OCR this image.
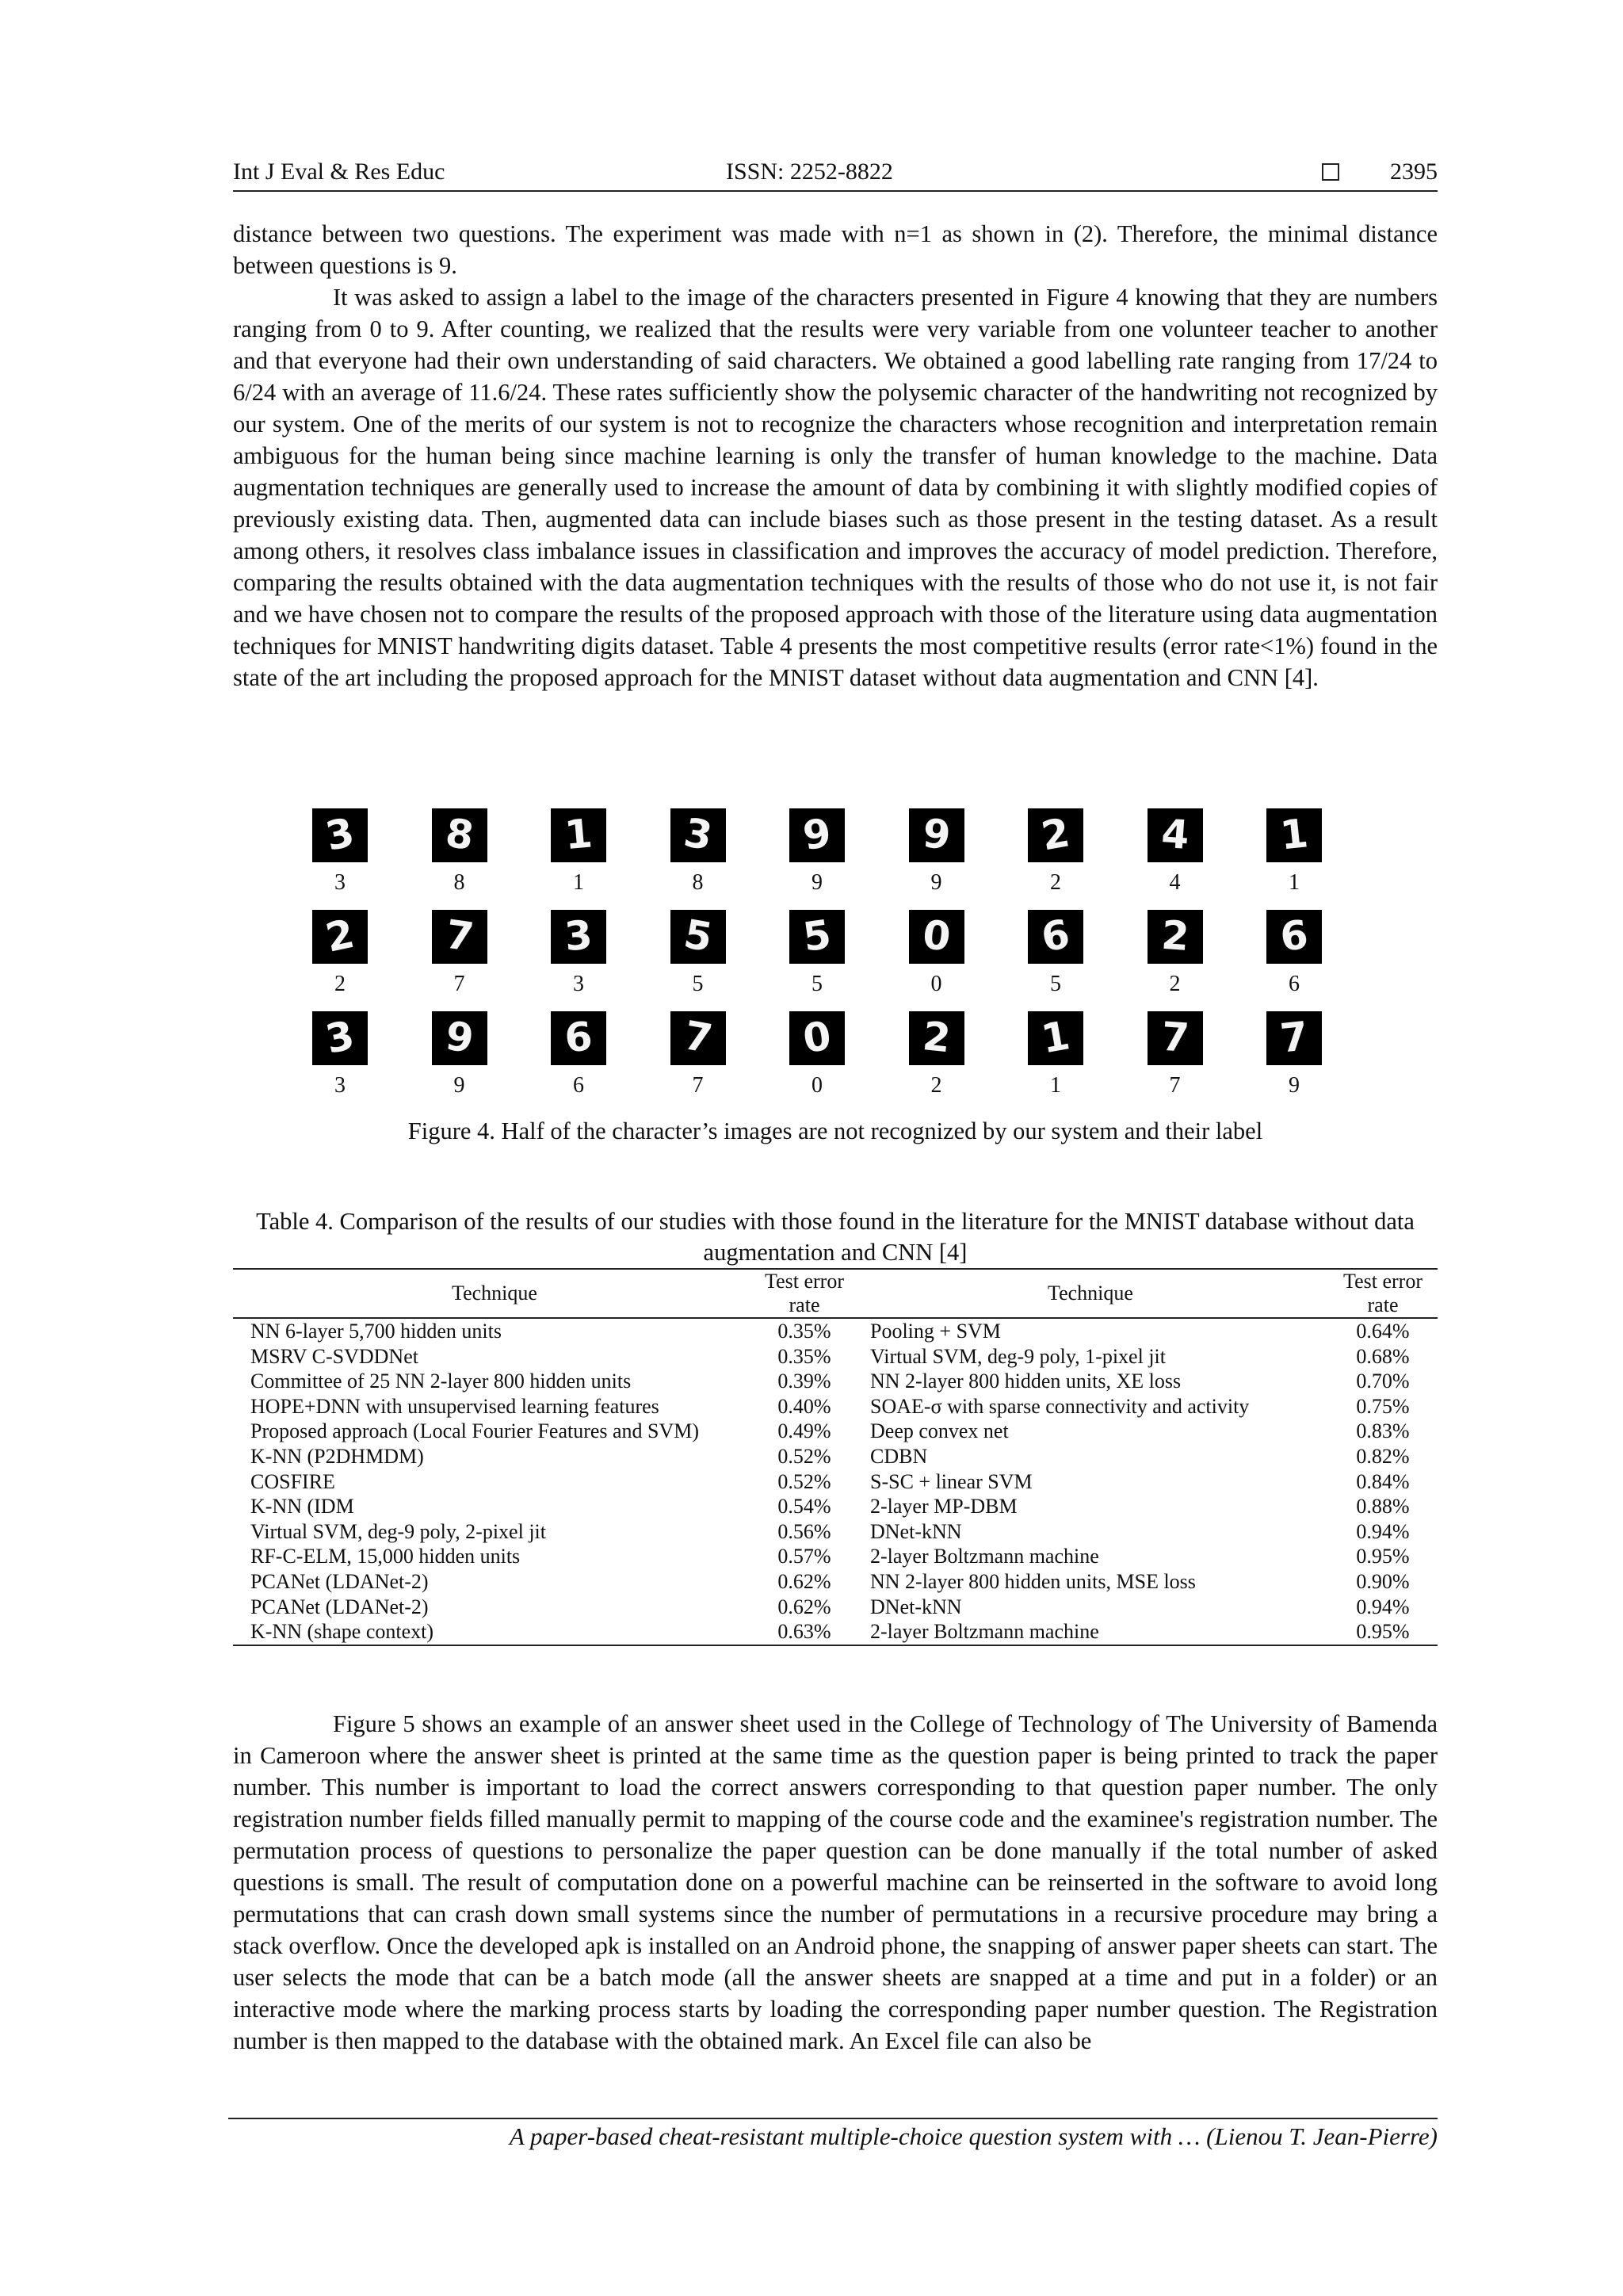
Int J Eval & Res Educ	ISSN: 2252-8822	2395

distance between two questions. The experiment was made with n=1 as shown in (2). Therefore, the minimal distance between questions is 9.

It was asked to assign a label to the image of the characters presented in Figure 4 knowing that they are numbers ranging from 0 to 9. After counting, we realized that the results were very variable from one volunteer teacher to another and that everyone had their own understanding of said characters. We obtained a good labelling rate ranging from 17/24 to 6/24 with an average of 11.6/24. These rates sufficiently show the polysemic character of the handwriting not recognized by our system. One of the merits of our system is not to recognize the characters whose recognition and interpretation remain ambiguous for the human being since machine learning is only the transfer of human knowledge to the machine. Data augmentation techniques are generally used to increase the amount of data by combining it with slightly modified copies of previously existing data. Then, augmented data can include biases such as those present in the testing dataset. As a result among others, it resolves class imbalance issues in classification and improves the accuracy of model prediction. Therefore, comparing the results obtained with the data augmentation techniques with the results of those who do not use it, is not fair and we have chosen not to compare the results of the proposed approach with those of the literature using data augmentation techniques for MNIST handwriting digits dataset. Table 4 presents the most competitive results (error rate<1%) found in the state of the art including the proposed approach for the MNIST dataset without data augmentation and CNN [4].

3
3
8
8
1
1
3
8
9
9
9
9
2
2
4
4
1
1
2
2
7
7
3
3
5
5
5
5
0
0
6
5
2
2
6
6
3
3
9
9
6
6
7
7
0
0
2
2
1
1
7
7
7
9

Figure 4. Half of the character’s images are not recognized by our system and their label

Table 4. Comparison of the results of our studies with those found in the literature for the MNIST database without data augmentation and CNN [4]

Technique	Test error rate	Technique	Test error rate
NN 6-layer 5,700 hidden units	0.35%	Pooling + SVM	0.64%
MSRV C-SVDDNet	0.35%	Virtual SVM, deg-9 poly, 1-pixel jit	0.68%
Committee of 25 NN 2-layer 800 hidden units	0.39%	NN 2-layer 800 hidden units, XE loss	0.70%
HOPE+DNN with unsupervised learning features	0.40%	SOAE-σ with sparse connectivity and activity	0.75%
Proposed approach (Local Fourier Features and SVM)	0.49%	Deep convex net	0.83%
K-NN (P2DHMDM)	0.52%	CDBN	0.82%
COSFIRE	0.52%	S-SC + linear SVM	0.84%
K-NN (IDM	0.54%	2-layer MP-DBM	0.88%
Virtual SVM, deg-9 poly, 2-pixel jit	0.56%	DNet-kNN	0.94%
RF-C-ELM, 15,000 hidden units	0.57%	2-layer Boltzmann machine	0.95%
PCANet (LDANet-2)	0.62%	NN 2-layer 800 hidden units, MSE loss	0.90%
PCANet (LDANet-2)	0.62%	DNet-kNN	0.94%
K-NN (shape context)	0.63%	2-layer Boltzmann machine	0.95%

Figure 5 shows an example of an answer sheet used in the College of Technology of The University of Bamenda in Cameroon where the answer sheet is printed at the same time as the question paper is being printed to track the paper number. This number is important to load the correct answers corresponding to that question paper number. The only registration number fields filled manually permit to mapping of the course code and the examinee's registration number. The permutation process of questions to personalize the paper question can be done manually if the total number of asked questions is small. The result of computation done on a powerful machine can be reinserted in the software to avoid long permutations that can crash down small systems since the number of permutations in a recursive procedure may bring a stack overflow. Once the developed apk is installed on an Android phone, the snapping of answer paper sheets can start. The user selects the mode that can be a batch mode (all the answer sheets are snapped at a time and put in a folder) or an interactive mode where the marking process starts by loading the corresponding paper number question. The Registration number is then mapped to the database with the obtained mark. An Excel file can also be

A paper-based cheat-resistant multiple-choice question system with … (Lienou T. Jean-Pierre)
